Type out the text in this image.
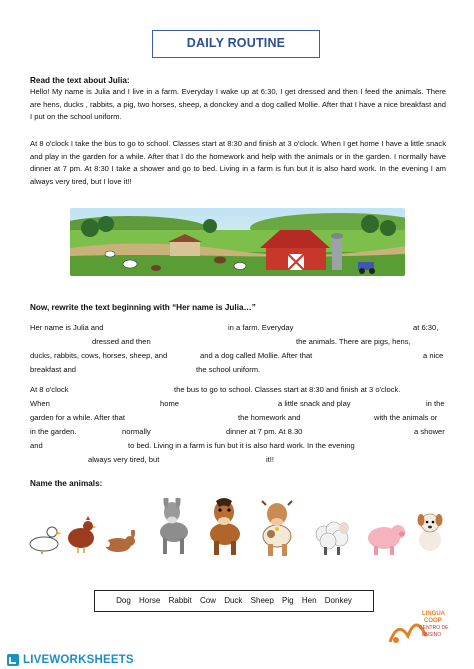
DAILY ROUTINE
Read the text about Julia:

Hello! My name is Julia and I live in a farm. Everyday I wake up at 6:30, I get dressed and then I feed the animals. There are hens, ducks , rabbits, a pig, two horses, sheep, a donckey and a dog called Mollie. After that I have a nice breakfast and I put on the school uniform.

At 8 o'clock I take the bus to go to school. Classes start at 8:30 and finish at 3 o'clock. When I get home I have a little snack and play in the garden for a while. After that I do the homework and help with the animals or in the garden. I normally have dinner at 7 pm. At 8:30 I take a shower and go to bed. Living in a farm is fun but it is also hard work. In the evening I am always very tired, but I love it!!

Now, rewrite the text beginning with “Her name is Julia…”
Her name is Julia and	in a farm. Everyday	at 6:30,
dressed and then	the animals. There are pigs, hens,
ducks, rabbits, cows, horses, sheep, and	and a dog called Mollie. After that	a nice
breakfast and	the school uniform.
At 8 o'clock	the bus to go to school. Classes start at 8:30 and finish at 3 o'clock.
When	home	a little snack and play	in the
garden for a while. After that	the homework and	with the animals or
in the garden.	normally	dinner at 7 pm. At 8.30	a shower
and	to bed. Living in a farm is fun but it is also hard work. In the evening
always very tired, but	it!!
Name the animals:
Dog Horse Rabbit Cow Duck Sheep Pig Hen Donkey
LINGUA
COOP
CENTRO DE
ENSINO
LIVEWORKSHEETS
